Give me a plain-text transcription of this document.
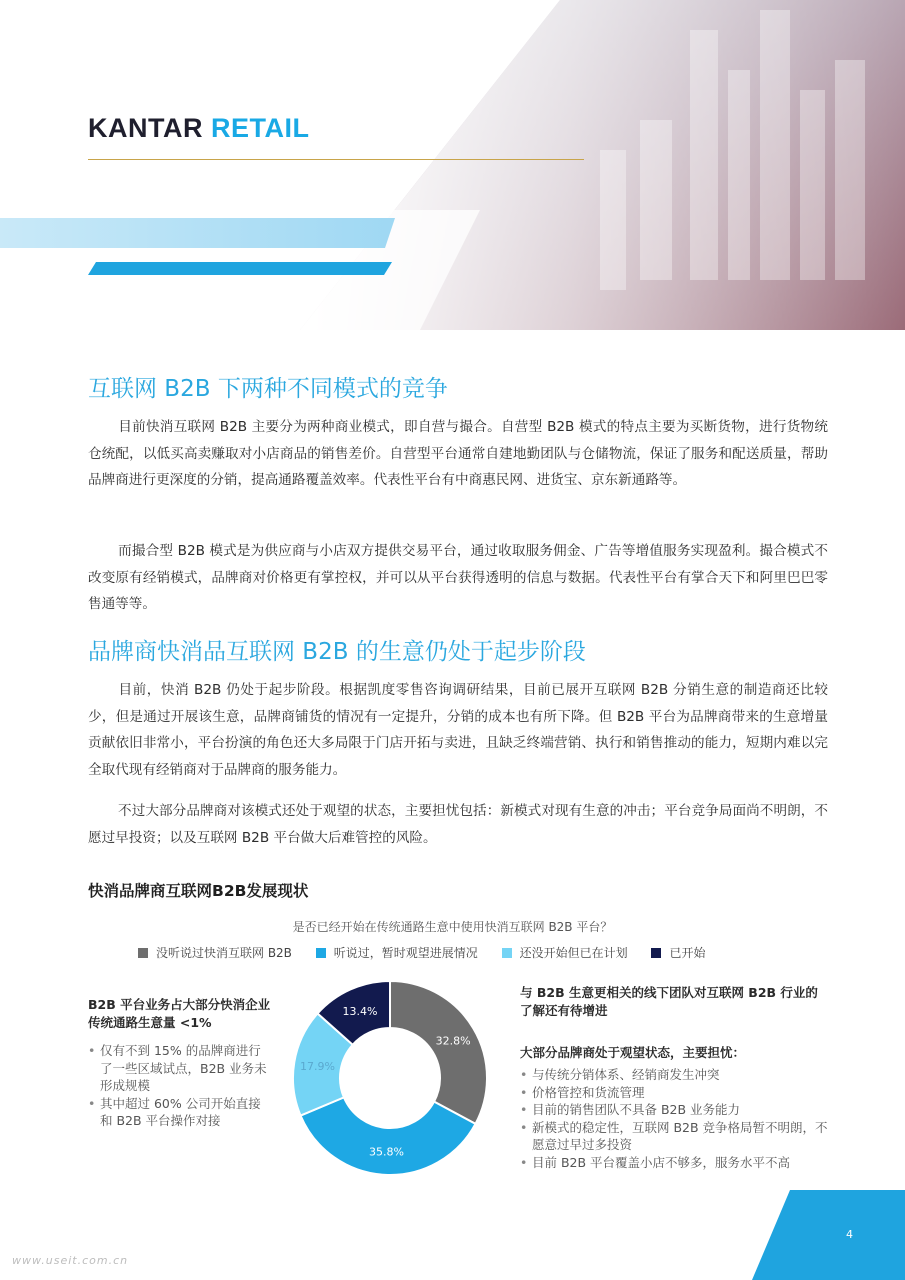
KANTAR RETAIL
互联网 B2B 下两种不同模式的竞争
目前快消互联网 B2B 主要分为两种商业模式，即自营与撮合。自营型 B2B 模式的特点主要为买断货物，进行货物统仓统配，以低买高卖赚取对小店商品的销售差价。自营型平台通常自建地勤团队与仓储物流，保证了服务和配送质量，帮助品牌商进行更深度的分销，提高通路覆盖效率。代表性平台有中商惠民网、进货宝、京东新通路等。
而撮合型 B2B 模式是为供应商与小店双方提供交易平台，通过收取服务佣金、广告等增值服务实现盈利。撮合模式不改变原有经销模式，品牌商对价格更有掌控权，并可以从平台获得透明的信息与数据。代表性平台有掌合天下和阿里巴巴零售通等等。
品牌商快消品互联网 B2B 的生意仍处于起步阶段
目前，快消 B2B 仍处于起步阶段。根据凯度零售咨询调研结果，目前已展开互联网 B2B 分销生意的制造商还比较少，但是通过开展该生意，品牌商铺货的情况有一定提升，分销的成本也有所下降。但 B2B 平台为品牌商带来的生意增量贡献依旧非常小，平台扮演的角色还大多局限于门店开拓与卖进，且缺乏终端营销、执行和销售推动的能力，短期内难以完全取代现有经销商对于品牌商的服务能力。
不过大部分品牌商对该模式还处于观望的状态，主要担忧包括：新模式对现有生意的冲击；平台竞争局面尚不明朗，不愿过早投资；以及互联网 B2B 平台做大后难管控的风险。
快消品牌商互联网B2B发展现状
是否已经开始在传统通路生意中使用快消互联网 B2B 平台？
没听说过快消互联网 B2B	听说过，暂时观望进展情况	还没开始但已在计划	已开始
B2B 平台业务占大部分快消企业传统通路生意量 <1%
• 仅有不到 15% 的品牌商进行了一些区域试点，B2B 业务未形成规模
• 其中超过 60% 公司开始直接和 B2B 平台操作对接
32.8%
35.8%
17.9%
13.4%
与 B2B 生意更相关的线下团队对互联网 B2B 行业的了解还有待增进
大部分品牌商处于观望状态，主要担忧：
• 与传统分销体系、经销商发生冲突
• 价格管控和货流管理
• 目前的销售团队不具备 B2B 业务能力
• 新模式的稳定性，互联网 B2B 竞争格局暂不明朗，不愿意过早过多投资
• 目前 B2B 平台覆盖小店不够多，服务水平不高
4
www.useit.com.cn
